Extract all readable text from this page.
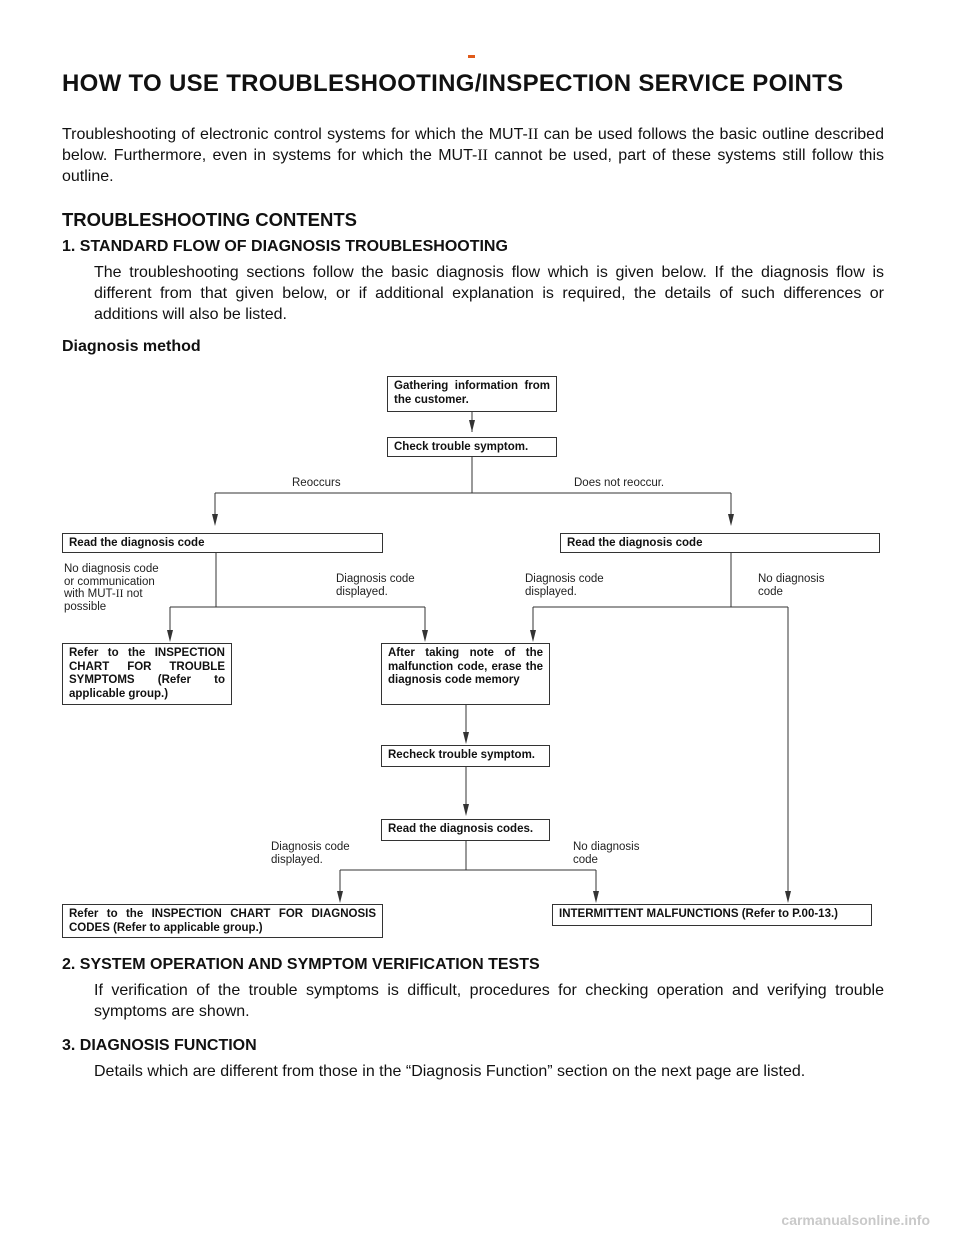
HOW TO USE TROUBLESHOOTING/INSPECTION SERVICE POINTS
Troubleshooting of electronic control systems for which the MUT-II can be used follows the basic outline described below. Furthermore, even in systems for which the MUT-II cannot be used, part of these systems still follow this outline.
TROUBLESHOOTING CONTENTS
1. STANDARD FLOW OF DIAGNOSIS TROUBLESHOOTING
The troubleshooting sections follow the basic diagnosis flow which is given below. If the diagnosis flow is different from that given below, or if additional explanation is required, the details of such differences or additions will also be listed.
Diagnosis method
Gathering information from the customer.
Check trouble symptom.
Reoccurs	Does not reoccur.
Read the diagnosis code	Read the diagnosis code
No diagnosis code or communication with MUT-II not possible
Diagnosis code displayed.
Diagnosis code displayed.
No diagnosis code
Refer to the INSPECTION CHART FOR TROUBLE SYMPTOMS (Refer to applicable group.)
After taking note of the malfunction code, erase the diagnosis code memory
Recheck trouble symptom.
Read the diagnosis codes.
Diagnosis code displayed.
No diagnosis code
Refer to the INSPECTION CHART FOR DIAGNOSIS CODES (Refer to applicable group.)
INTERMITTENT MALFUNCTIONS (Refer to P.00-13.)
2. SYSTEM OPERATION AND SYMPTOM VERIFICATION TESTS
If verification of the trouble symptoms is difficult, procedures for checking operation and verifying trouble symptoms are shown.
3. DIAGNOSIS FUNCTION
Details which are different from those in the “Diagnosis Function” section on the next page are listed.
carmanualsonline.info
